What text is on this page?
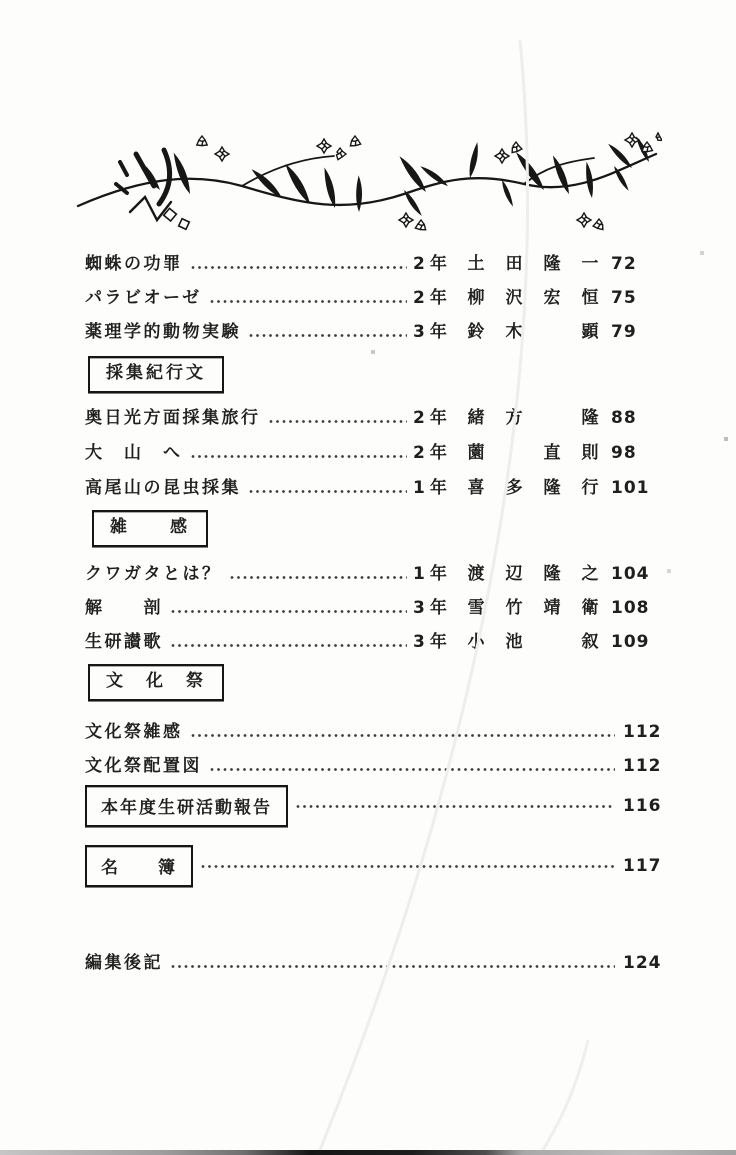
蜘蛛の功罪	2年 土	田	隆	一 72
パラビオーゼ	2年 柳	沢	宏	恒 75
薬理学的動物実験	3年 鈴	木	顕 79
採集紀行文
奥日光方面採集旅行	2年 緒	方	隆 88
大　山　へ	2年 薗	直	則 98
高尾山の昆虫採集	1年 喜	多	隆	行 101
雑　　感
クワガタとは？	1年 渡	辺	隆	之 104
解　　剖	3年 雪	竹	靖	衛 108
生研讃歌	3年 小	池	叙 109
文　化　祭
文化祭雑感	112
文化祭配置図	112
本年度生研活動報告	116
名　　簿	117
編集後記	124
